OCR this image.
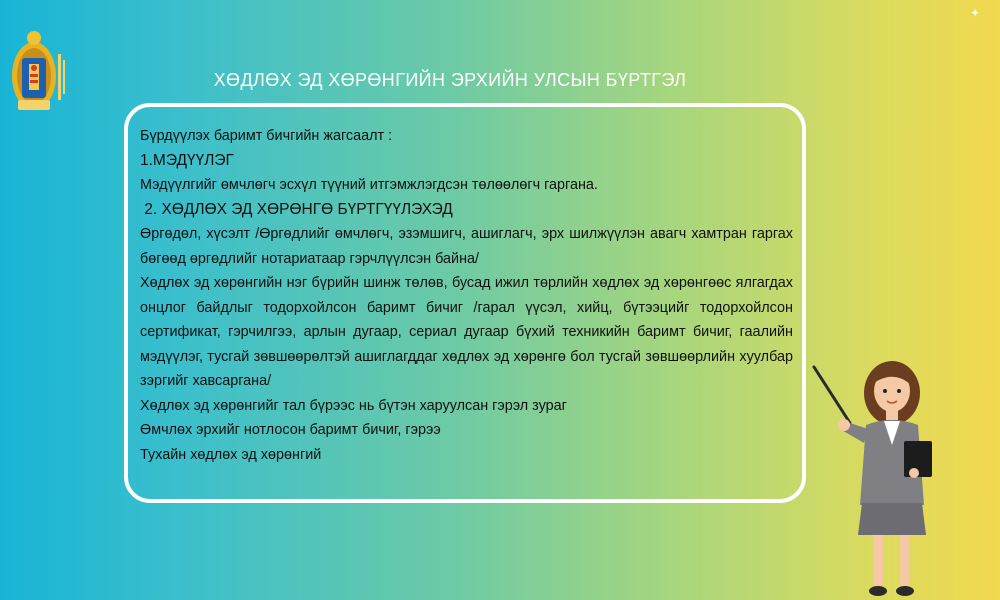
✦
ХӨДЛӨХ ЭД ХӨРӨНГИЙН ЭРХИЙН УЛСЫН БҮРТГЭЛ

Бүрдүүлэх баримт бичгийн жагсаалт :

1.МЭДҮҮЛЭГ

Мэдүүлгийг өмчлөгч эсхүл түүний итгэмжлэгдсэн төлөөлөгч гаргана.

2. ХӨДЛӨХ ЭД ХӨРӨНГӨ БҮРТГҮҮЛЭХЭД

Өргөдөл, хүсэлт /Өргөдлийг өмчлөгч, эзэмшигч, ашиглагч, эрх шилжүүлэн авагч хамтран гаргах бөгөөд өргөдлийг нотариатаар гэрчлүүлсэн байна/

Хөдлөх эд хөрөнгийн нэг бүрийн шинж төлөв, бусад ижил төрлийн хөдлөх эд хөрөнгөөс ялгагдах онцлог байдлыг тодорхойлсон баримт бичиг /гарал үүсэл, хийц, бүтээцийг тодорхойлсон сертификат, гэрчилгээ, арлын дугаар, сериал дугаар бүхий техникийн баримт бичиг, гаалийн мэдүүлэг, тусгай зөвшөөрөлтэй ашиглагддаг хөдлөх эд хөрөнгө бол тусгай зөвшөөрлийн хуулбар зэргийг хавсаргана/

Хөдлөх эд хөрөнгийг тал бүрээс нь бүтэн харуулсан гэрэл зураг

Өмчлөх эрхийг нотлосон баримт бичиг, гэрээ

Тухайн хөдлөх эд хөрөнгий
